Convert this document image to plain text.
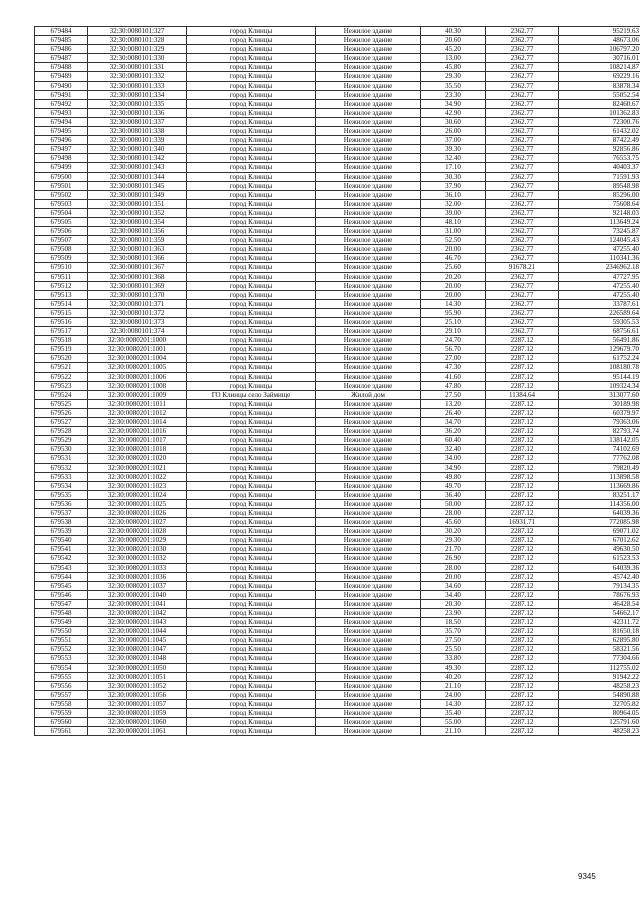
679484	32:30:0080101:327	город Клинцы	Нежилое здание	40.30	2362.77	95219.63
679485	32:30:0080101:328	город Клинцы	Нежилое здание	20.60	2362.77	48673.06
679486	32:30:0080101:329	город Клинцы	Нежилое здание	45.20	2362.77	106797.20
679487	32:30:0080101:330	город Клинцы	Нежилое здание	13.00	2362.77	30716.01
679488	32:30:0080101:331	город Клинцы	Нежилое здание	45.80	2362.77	108214.87
679489	32:30:0080101:332	город Клинцы	Нежилое здание	29.30	2362.77	69229.16
679490	32:30:0080101:333	город Клинцы	Нежилое здание	35.50	2362.77	83878.34
679491	32:30:0080101:334	город Клинцы	Нежилое здание	23.30	2362.77	55052.54
679492	32:30:0080101:335	город Клинцы	Нежилое здание	34.90	2362.77	82460.67
679493	32:30:0080101:336	город Клинцы	Нежилое здание	42.90	2362.77	101362.83
679494	32:30:0080101:337	город Клинцы	Нежилое здание	30.60	2362.77	72300.76
679495	32:30:0080101:338	город Клинцы	Нежилое здание	26.00	2362.77	61432.02
679496	32:30:0080101:339	город Клинцы	Нежилое здание	37.00	2362.77	87422.49
679497	32:30:0080101:340	город Клинцы	Нежилое здание	39.30	2362.77	92856.86
679498	32:30:0080101:342	город Клинцы	Нежилое здание	32.40	2362.77	76553.75
679499	32:30:0080101:343	город Клинцы	Нежилое здание	17.10	2362.77	40403.37
679500	32:30:0080101:344	город Клинцы	Нежилое здание	30.30	2362.77	71591.93
679501	32:30:0080101:345	город Клинцы	Нежилое здание	37.90	2362.77	89548.98
679502	32:30:0080101:349	город Клинцы	Нежилое здание	36.10	2362.77	85296.00
679503	32:30:0080101:351	город Клинцы	Нежилое здание	32.00	2362.77	75608.64
679504	32:30:0080101:352	город Клинцы	Нежилое здание	39.00	2362.77	92148.03
679505	32:30:0080101:354	город Клинцы	Нежилое здание	48.10	2362.77	113649.24
679506	32:30:0080101:356	город Клинцы	Нежилое здание	31.00	2362.77	73245.87
679507	32:30:0080101:359	город Клинцы	Нежилое здание	52.50	2362.77	124045.43
679508	32:30:0080101:363	город Клинцы	Нежилое здание	20.00	2362.77	47255.40
679509	32:30:0080101:366	город Клинцы	Нежилое здание	46.70	2362.77	110341.36
679510	32:30:0080101:367	город Клинцы	Нежилое здание	25.60	91678.21	2346962.18
679511	32:30:0080101:368	город Клинцы	Нежилое здание	20.20	2362.77	47727.95
679512	32:30:0080101:369	город Клинцы	Нежилое здание	20.00	2362.77	47255.40
679513	32:30:0080101:370	город Клинцы	Нежилое здание	20.00	2362.77	47255.40
679514	32:30:0080101:371	город Клинцы	Нежилое здание	14.30	2362.77	33787.61
679515	32:30:0080101:372	город Клинцы	Нежилое здание	95.90	2362.77	226589.64
679516	32:30:0080101:373	город Клинцы	Нежилое здание	25.10	2362.77	59305.53
679517	32:30:0080101:374	город Клинцы	Нежилое здание	29.10	2362.77	68756.61
679518	32:30:0080201:1000	город Клинцы	Нежилое здание	24.70	2287.12	56491.86
679519	32:30:0080201:1001	город Клинцы	Нежилое здание	56.70	2287.12	129679.70
679520	32:30:0080201:1004	город Клинцы	Нежилое здание	27.00	2287.12	61752.24
679521	32:30:0080201:1005	город Клинцы	Нежилое здание	47.30	2287.12	108180.78
679522	32:30:0080201:1006	город Клинцы	Нежилое здание	41.60	2287.12	95144.19
679523	32:30:0080201:1008	город Клинцы	Нежилое здание	47.80	2287.12	109324.34
679524	32:30:0080201:1009	ГО Клинцы село Займище	Жилой дом	27.50	11384.64	313077.60
679525	32:30:0080201:1011	город Клинцы	Нежилое здание	13.20	2287.12	30189.98
679526	32:30:0080201:1012	город Клинцы	Нежилое здание	26.40	2287.12	60379.97
679527	32:30:0080201:1014	город Клинцы	Нежилое здание	34.70	2287.12	79363.06
679528	32:30:0080201:1016	город Клинцы	Нежилое здание	36.20	2287.12	82793.74
679529	32:30:0080201:1017	город Клинцы	Нежилое здание	60.40	2287.12	138142.05
679530	32:30:0080201:1018	город Клинцы	Нежилое здание	32.40	2287.12	74102.69
679531	32:30:0080201:1020	город Клинцы	Нежилое здание	34.00	2287.12	77762.08
679532	32:30:0080201:1021	город Клинцы	Нежилое здание	34.90	2287.12	79820.49
679533	32:30:0080201:1022	город Клинцы	Нежилое здание	49.80	2287.12	113898.58
679534	32:30:0080201:1023	город Клинцы	Нежилое здание	49.70	2287.12	113669.86
679535	32:30:0080201:1024	город Клинцы	Нежилое здание	36.40	2287.12	83251.17
679536	32:30:0080201:1025	город Клинцы	Нежилое здание	50.00	2287.12	114356.00
679537	32:30:0080201:1026	город Клинцы	Нежилое здание	28.00	2287.12	64039.36
679538	32:30:0080201:1027	город Клинцы	Нежилое здание	45.60	16931.71	772085.98
679539	32:30:0080201:1028	город Клинцы	Нежилое здание	30.20	2287.12	69071.02
679540	32:30:0080201:1029	город Клинцы	Нежилое здание	29.30	2287.12	67012.62
679541	32:30:0080201:1030	город Клинцы	Нежилое здание	21.70	2287.12	49630.50
679542	32:30:0080201:1032	город Клинцы	Нежилое здание	26.90	2287.12	61523.53
679543	32:30:0080201:1033	город Клинцы	Нежилое здание	28.00	2287.12	64039.36
679544	32:30:0080201:1036	город Клинцы	Нежилое здание	20.00	2287.12	45742.40
679545	32:30:0080201:1037	город Клинцы	Нежилое здание	34.60	2287.12	79134.35
679546	32:30:0080201:1040	город Клинцы	Нежилое здание	34.40	2287.12	78676.93
679547	32:30:0080201:1041	город Клинцы	Нежилое здание	20.30	2287.12	46428.54
679548	32:30:0080201:1042	город Клинцы	Нежилое здание	23.90	2287.12	54662.17
679549	32:30:0080201:1043	город Клинцы	Нежилое здание	18.50	2287.12	42311.72
679550	32:30:0080201:1044	город Клинцы	Нежилое здание	35.70	2287.12	81650.18
679551	32:30:0080201:1045	город Клинцы	Нежилое здание	27.50	2287.12	62895.80
679552	32:30:0080201:1047	город Клинцы	Нежилое здание	25.50	2287.12	58321.56
679553	32:30:0080201:1048	город Клинцы	Нежилое здание	33.80	2287.12	77304.66
679554	32:30:0080201:1050	город Клинцы	Нежилое здание	49.30	2287.12	112755.02
679555	32:30:0080201:1051	город Клинцы	Нежилое здание	40.20	2287.12	91942.22
679556	32:30:0080201:1052	город Клинцы	Нежилое здание	21.10	2287.12	48258.23
679557	32:30:0080201:1056	город Клинцы	Нежилое здание	24.00	2287.12	54890.88
679558	32:30:0080201:1057	город Клинцы	Нежилое здание	14.30	2287.12	32705.82
679559	32:30:0080201:1059	город Клинцы	Нежилое здание	35.40	2287.12	80964.05
679560	32:30:0080201:1060	город Клинцы	Нежилое здание	55.00	2287.12	125791.60
679561	32:30:0080201:1061	город Клинцы	Нежилое здание	21.10	2287.12	48258.23
9345
